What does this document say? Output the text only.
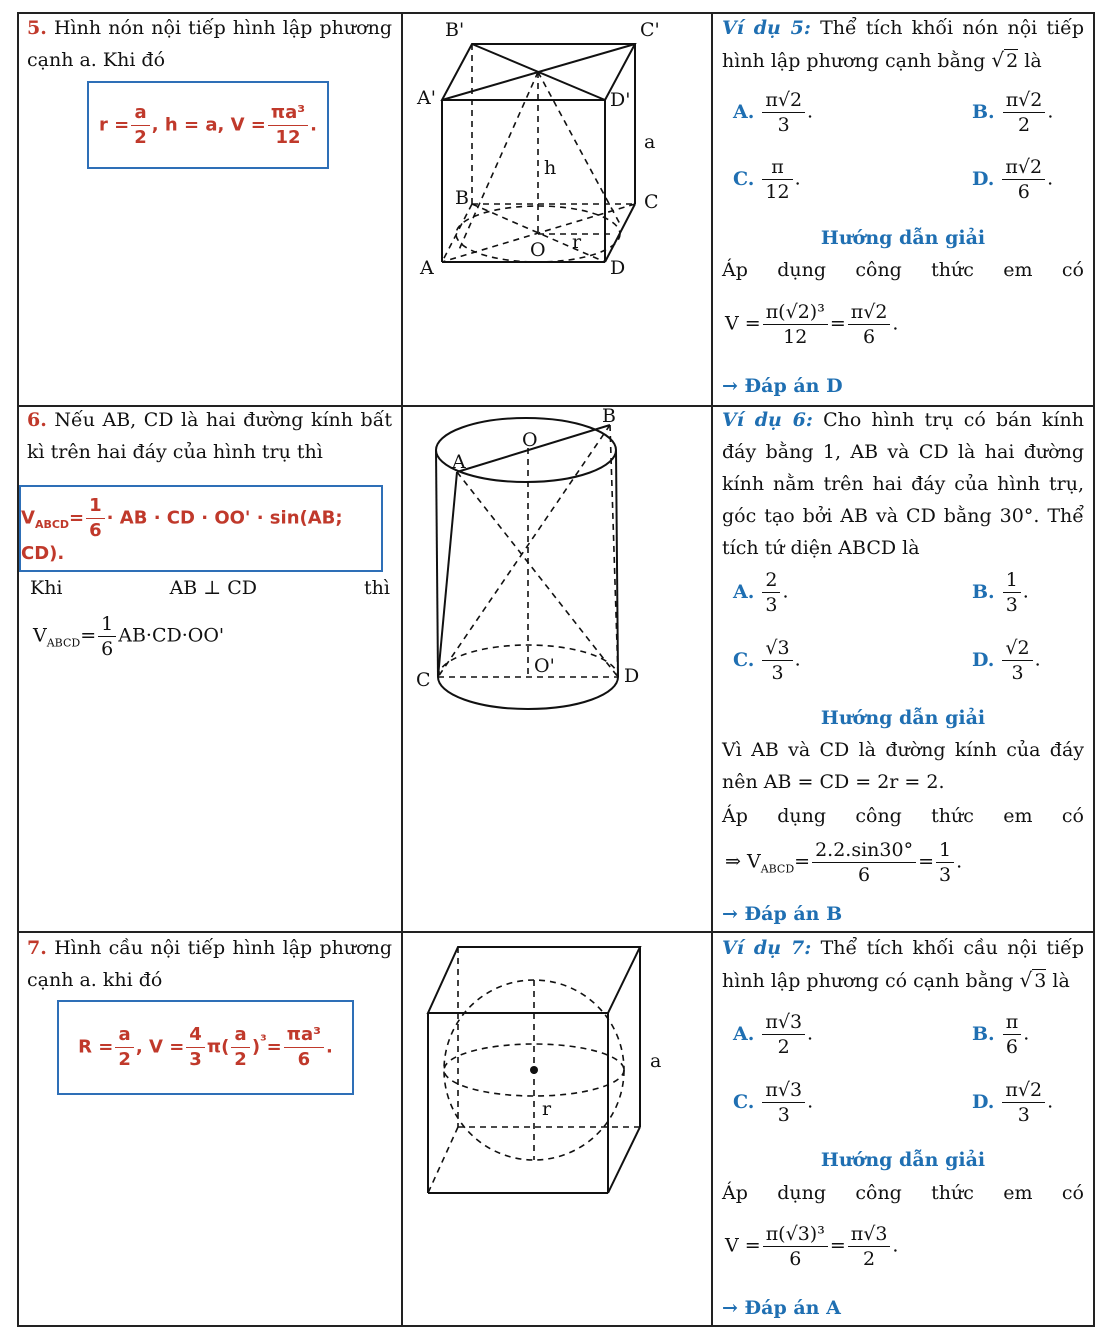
5. Hình nón nội tiếp hình lập phương cạnh a. Khi đó
$r = \frac{a}{2}$ , h = a, $V = \frac{\text{πa³}}{12}$ .
B'	C'
A'	D'
a
h
B	C
O r
A	D
Ví dụ 5: Thể tích khối nón nội tiếp hình lập phương cạnh bằng √ 2 là
A. $\frac{\pi√2}{3}$ .	B. $\frac{\pi√2}{2}$ .
C. $\frac{\pi}{12}$ .	D. $\frac{\pi√2}{6}$ .
Hướng dẫn giải
Áp dụng công thức em có
$V = \frac{\text{π(√2)³}}{12} = \frac{\pi√2}{6}$ .
→ Đáp án D
6. Nếu AB, CD là hai đường kính bất kì trên hai đáy của hình trụ thì
$V_{ABCD}= \frac{1}{6}$ · AB · CD · OO' · sin(AB; CD).
Khi	AB ⊥ CD	thì
$V_{ABCD}= \frac{1}{6} AB\cdot CD\cdot OO'$
B
O
A
C
O'	D
Ví dụ 6: Cho hình trụ có bán kính đáy bằng 1, AB và CD là hai đường kính nằm trên hai đáy của hình trụ, góc tạo bởi AB và CD bằng 30°. Thể tích tứ diện ABCD là
A. $\frac{2}{3}$ .	B. $\frac{1}{3}$ .
C. $\frac{√3}{3}$ .	D. $\frac{√2}{3}$ .
Hướng dẫn giải
Vì AB và CD là đường kính của đáy nên AB = CD = 2r = 2.
Áp dụng công thức em có
⇒ $V_{ABCD}= \frac{2.2.\sin 30^\circ}{6} = \frac{1}{3}$ .
→ Đáp án B
7. Hình cầu nội tiếp hình lập phương cạnh a. khi đó
$R = \frac{a}{2}$ , $V = \frac{4}{3} \pi( \frac{a}{2} )^{^3}= \frac{\text{πa³}}{6}$ .
a
r
Ví dụ 7: Thể tích khối cầu nội tiếp hình lập phương có cạnh bằng √ 3 là
A. $\frac{\pi√3}{2}$ .	B. $\frac{\pi}{6}$ .
C. $\frac{\pi√3}{3}$ .	D. $\frac{\pi√2}{3}$ .
Hướng dẫn giải
Áp dụng công thức em có
$V = \frac{\text{π(√3)³}}{6} = \frac{\pi√3}{2}$ .
→ Đáp án A
